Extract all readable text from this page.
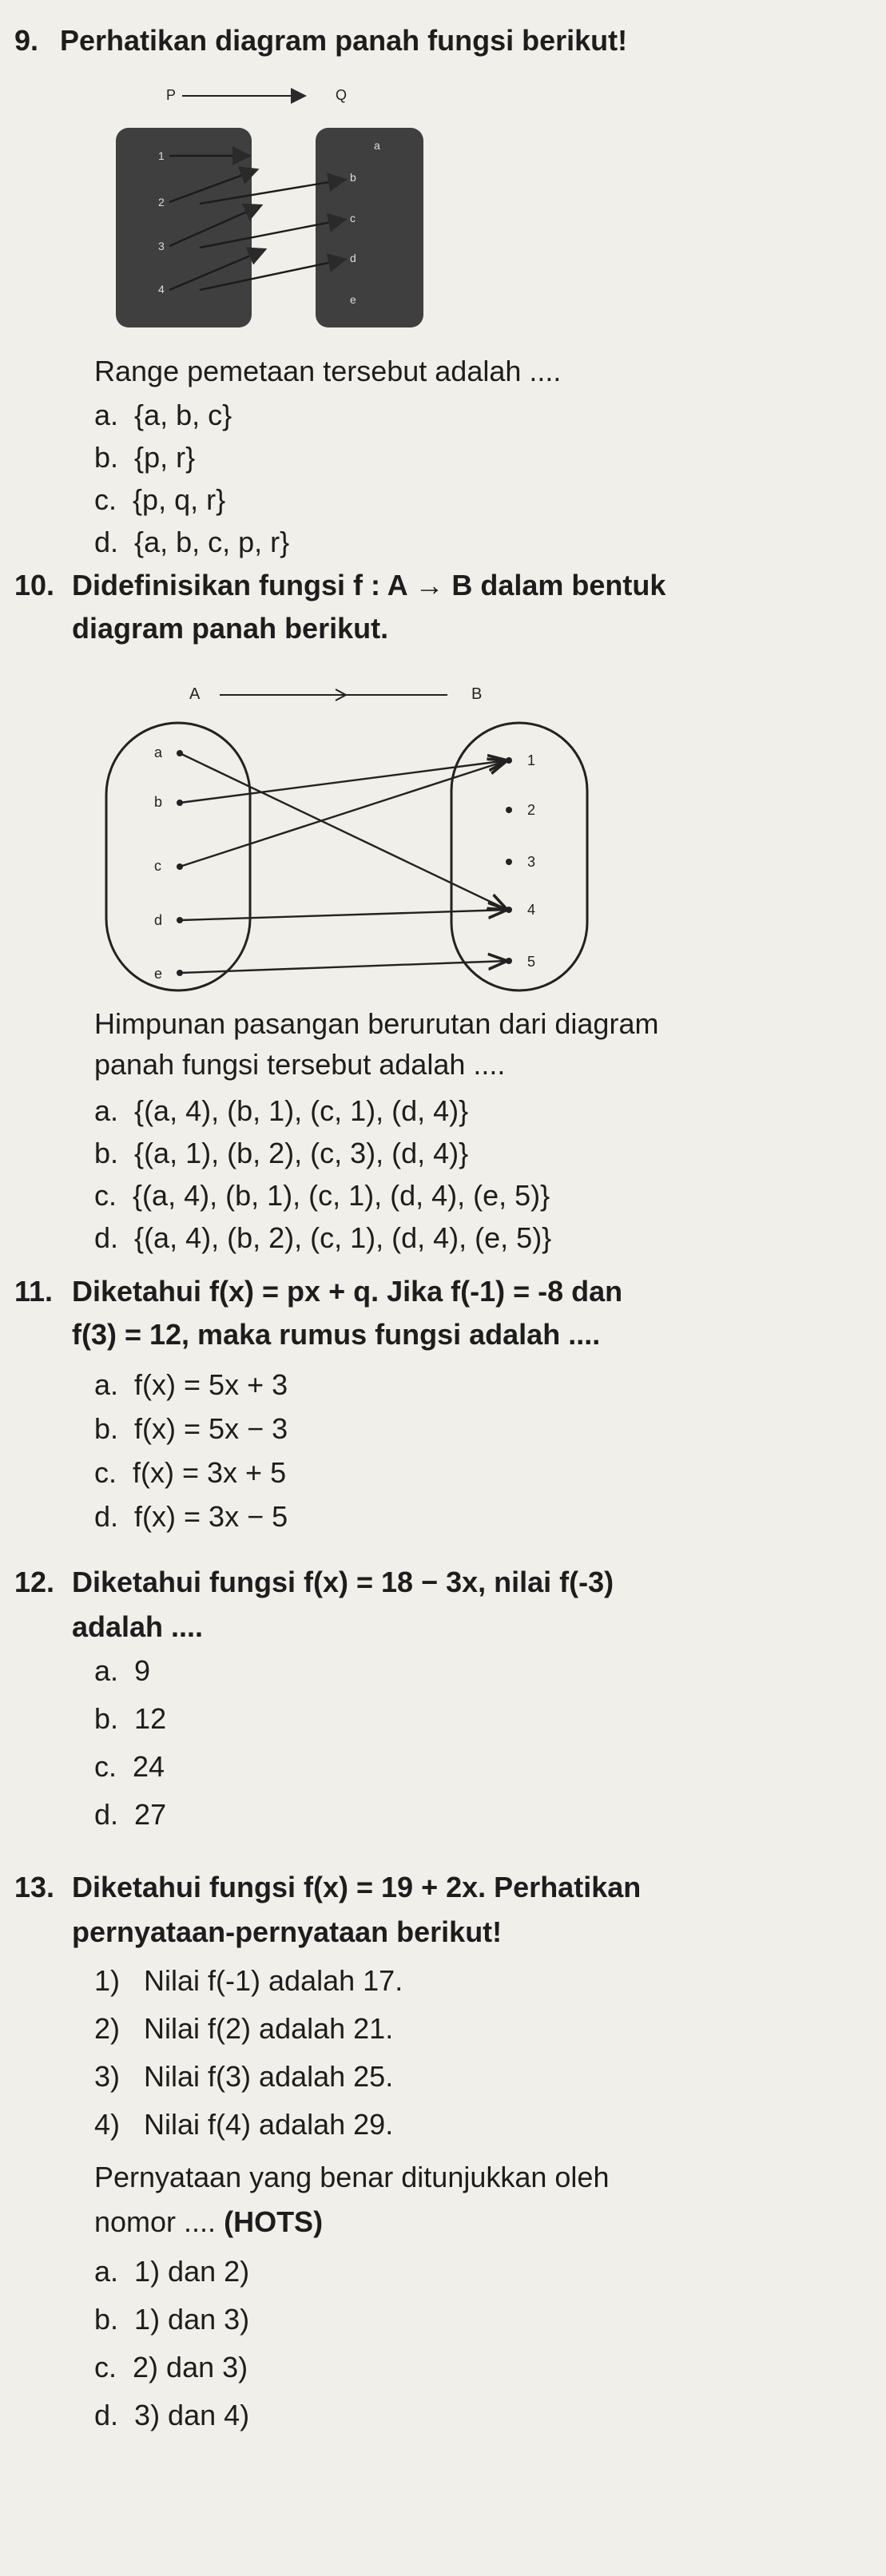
9. Perhatikan diagram panah fungsi berikut!
P	Q
1
2
3
4
a
b
c
d
e
Range pemetaan tersebut adalah ....
a. {a, b, c}
b. {p, r}
c. {p, q, r}
d. {a, b, c, p, r}
10. Didefinisikan fungsi f : A → B dalam bentuk
diagram panah berikut.
A	B
a
b
c
d
e
1
2
3
4
5
Himpunan pasangan berurutan dari diagram
panah fungsi tersebut adalah ....
a. {(a, 4), (b, 1), (c, 1), (d, 4)}
b. {(a, 1), (b, 2), (c, 3), (d, 4)}
c. {(a, 4), (b, 1), (c, 1), (d, 4), (e, 5)}
d. {(a, 4), (b, 2), (c, 1), (d, 4), (e, 5)}
11. Diketahui f(x) = px + q. Jika f(-1) = -8 dan
f(3) = 12, maka rumus fungsi adalah ....
a. f(x) = 5x + 3
b. f(x) = 5x − 3
c. f(x) = 3x + 5
d. f(x) = 3x − 5
12. Diketahui fungsi f(x) = 18 − 3x, nilai f(-3)
adalah ....
a. 9
b. 12
c. 24
d. 27
13. Diketahui fungsi f(x) = 19 + 2x. Perhatikan
pernyataan-pernyataan berikut!
1) Nilai f(-1) adalah 17.
2) Nilai f(2) adalah 21.
3) Nilai f(3) adalah 25.
4) Nilai f(4) adalah 29.
Pernyataan yang benar ditunjukkan oleh
nomor .... (HOTS)
a. 1) dan 2)
b. 1) dan 3)
c. 2) dan 3)
d. 3) dan 4)
